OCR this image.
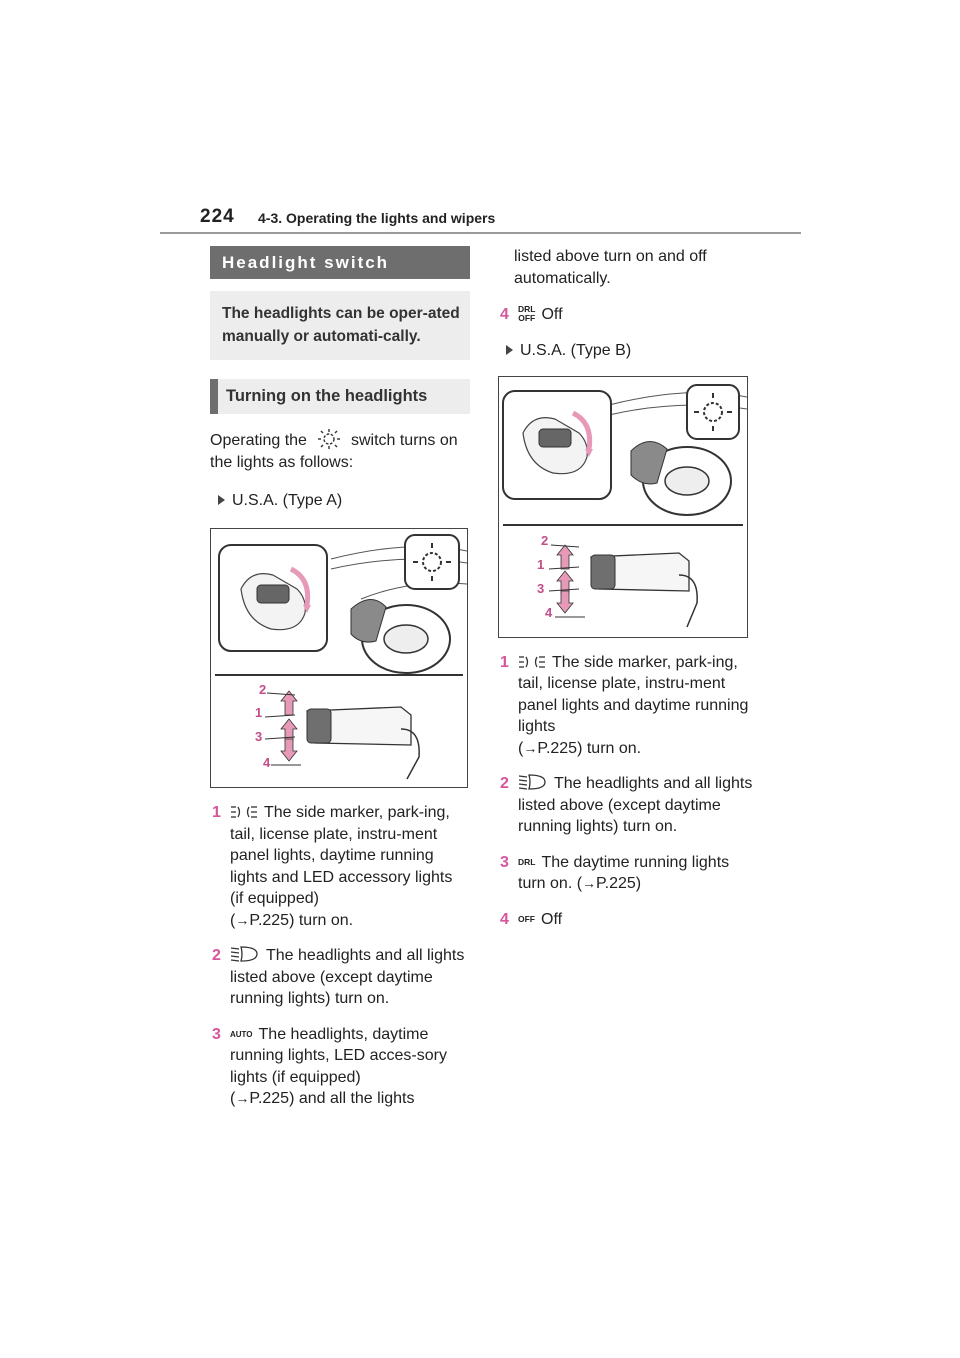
224 4-3. Operating the lights and wipers
Headlight switch
The headlights can be oper-ated manually or automati-cally.
Turning on the headlights

Operating the	switch turns on the lights as follows:

U.S.A. (Type A)
2
1
3
4
1	The side marker, park-ing, tail, license plate, instru-ment panel lights, daytime running lights and LED accessory lights (if equipped)
(→P.225) turn on.
2	The headlights and all lights listed above (except daytime running lights) turn on.
3 AUTO The headlights, daytime running lights, LED acces-sory lights (if equipped)
(→P.225) and all the lights
listed above turn on and off automatically.
4 DRL
OFF Off
U.S.A. (Type B)
2
1
3
4
1	The side marker, park-ing, tail, license plate, instru-ment panel lights and daytime running lights
(→P.225) turn on.
2	The headlights and all lights listed above (except daytime running lights) turn on.
3 DRL The daytime running lights turn on. (→P.225)
4 OFF Off
